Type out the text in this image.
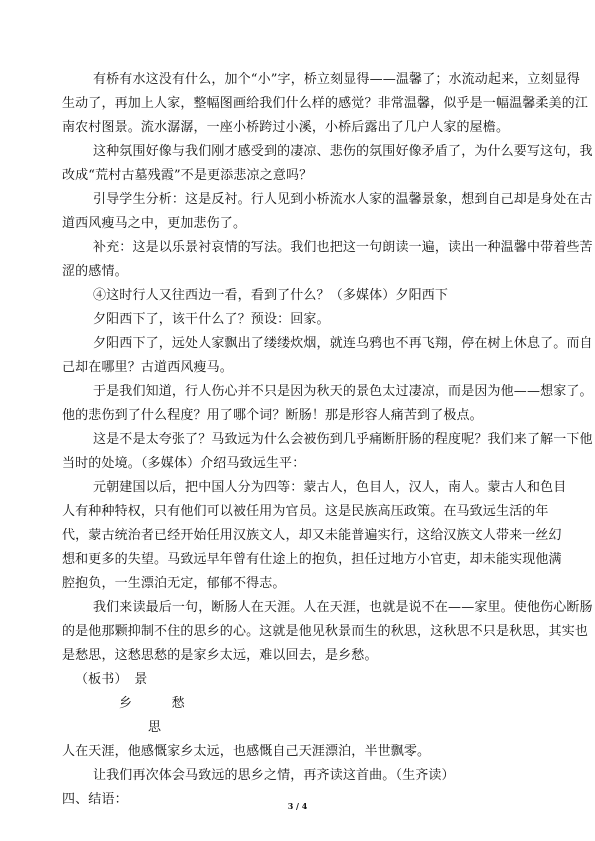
有桥有水这没有什么，加个“小”字，桥立刻显得——温馨了；水流动起来，立刻显得
生动了，再加上人家，整幅图画给我们什么样的感觉？非常温馨，似乎是一幅温馨柔美的江
南农村图景。流水潺潺，一座小桥跨过小溪，小桥后露出了几户人家的屋檐。
这种氛围好像与我们刚才感受到的凄凉、悲伤的氛围好像矛盾了，为什么要写这句，我
改成“荒村古墓残霞”不是更添悲凉之意吗？
引导学生分析：这是反衬。行人见到小桥流水人家的温馨景象，想到自己却是身处在古
道西风瘦马之中，更加悲伤了。
补充：这是以乐景衬哀情的写法。我们也把这一句朗读一遍，读出一种温馨中带着些苦
涩的感情。
④这时行人又往西边一看，看到了什么？（多媒体）夕阳西下
夕阳西下了，该干什么了？预设：回家。
夕阳西下了，远处人家飘出了缕缕炊烟，就连乌鸦也不再飞翔，停在树上休息了。而自
己却在哪里？古道西风瘦马。
于是我们知道，行人伤心并不只是因为秋天的景色太过凄凉，而是因为他——想家了。
他的悲伤到了什么程度？用了哪个词？断肠！那是形容人痛苦到了极点。
这是不是太夸张了？马致远为什么会被伤到几乎痛断肝肠的程度呢？我们来了解一下他
当时的处境。（多媒体）介绍马致远生平：
元朝建国以后，把中国人分为四等：蒙古人，色目人，汉人，南人。蒙古人和色目
人有种种特权，只有他们可以被任用为官员。这是民族高压政策。在马致远生活的年
代，蒙古统治者已经开始任用汉族文人，却又未能普遍实行，这给汉族文人带来一丝幻
想和更多的失望。马致远早年曾有仕途上的抱负，担任过地方小官吏，却未能实现他满
腔抱负，一生漂泊无定，郁郁不得志。
我们来读最后一句，断肠人在天涯。人在天涯，也就是说不在——家里。使他伤心断肠
的是他那颗抑制不住的思乡的心。这就是他见秋景而生的秋思，这秋思不只是秋思，其实也
是愁思，这愁思愁的是家乡太远，难以回去，是乡愁。
（板书）　景
乡　　　愁
思
人在天涯，他感慨家乡太远，也感慨自己天涯漂泊，半世飘零。
让我们再次体会马致远的思乡之情，再齐读这首曲。（生齐读）
四、结语：	3 / 4
